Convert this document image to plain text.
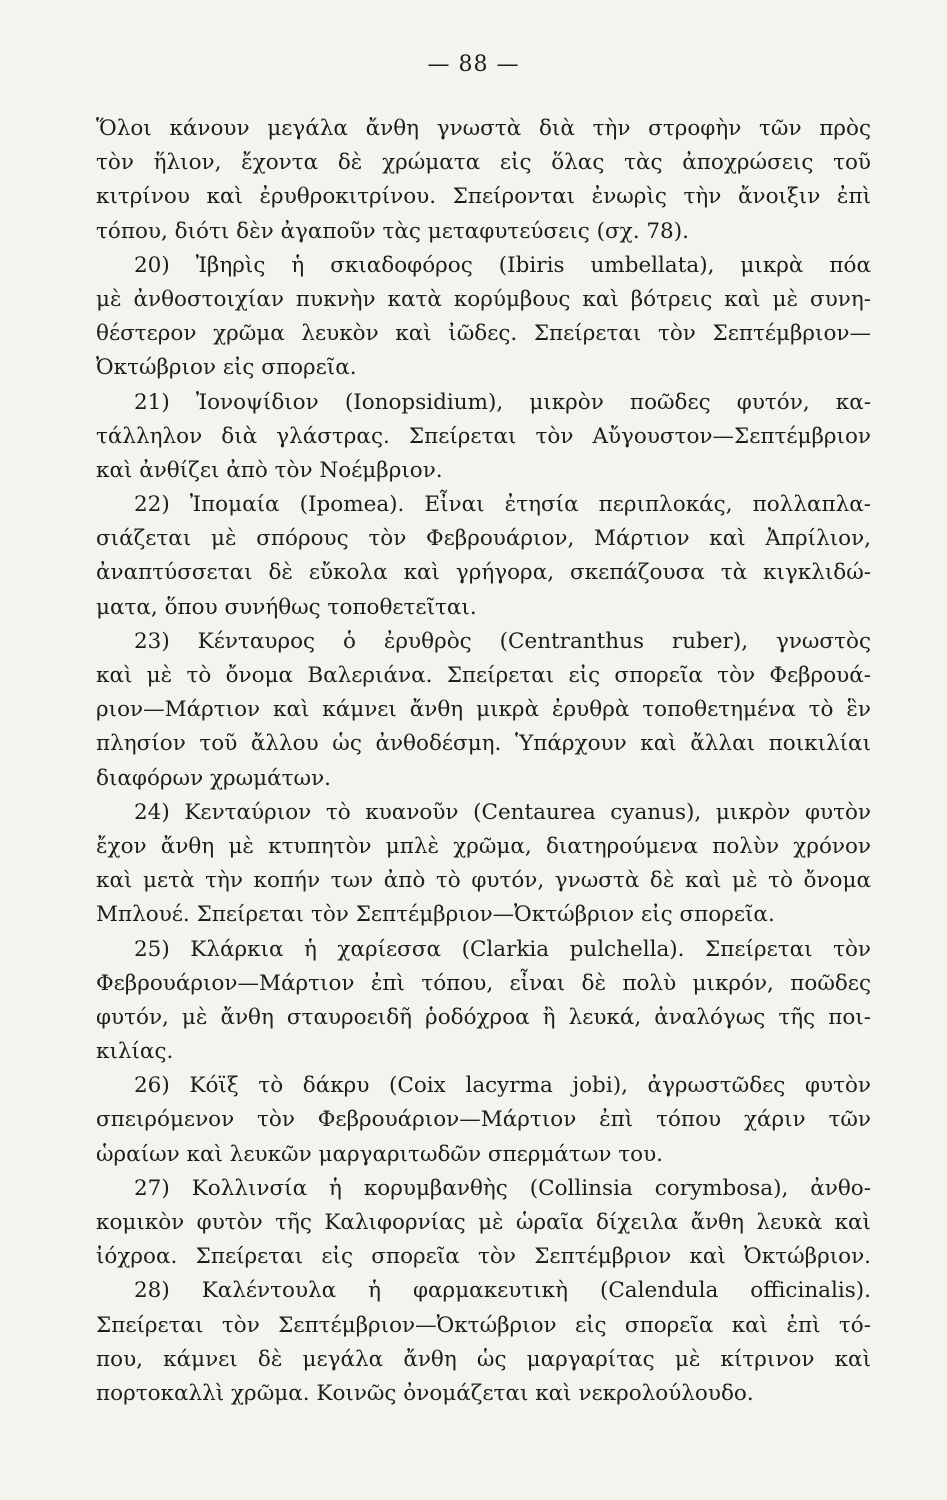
— 88 —
Ὅλοι κάνουν μεγάλα ἄνθη γνωστὰ διὰ τὴν στροφὴν τῶν πρὸς
τὸν ἥλιον, ἔχοντα δὲ χρώματα εἰς ὅλας τὰς ἀποχρώσεις τοῦ
κιτρίνου καὶ ἐρυθροκιτρίνου. Σπείρονται ἐνωρὶς τὴν ἄνοιξιν ἐπὶ
τόπου, διότι δὲν ἀγαποῦν τὰς μεταφυτεύσεις (σχ. 78).
20) Ἰβηρὶς ἡ σκιαδοφόρος (Ibiris umbellata), μικρὰ πόα
μὲ ἀνθοστοιχίαν πυκνὴν κατὰ κορύμβους καὶ βότρεις καὶ μὲ συνη-
θέστερον χρῶμα λευκὸν καὶ ἰῶδες. Σπείρεται τὸν Σεπτέμβριον—
Ὀκτώβριον εἰς σπορεῖα.
21) Ἰονοψίδιον (Ionopsidium), μικρὸν ποῶδες φυτόν, κα-
τάλληλον διὰ γλάστρας. Σπείρεται τὸν Αὔγουστον—Σεπτέμβριον
καὶ ἀνθίζει ἀπὸ τὸν Νοέμβριον.
22) Ἰπομαία (Ipomea). Εἶναι ἐτησία περιπλοκάς, πολλαπλα-
σιάζεται μὲ σπόρους τὸν Φεβρουάριον, Μάρτιον καὶ Ἀπρίλιον,
ἀναπτύσσεται δὲ εὔκολα καὶ γρήγορα, σκεπάζουσα τὰ κιγκλιδώ-
ματα, ὅπου συνήθως τοποθετεῖται.
23) Κένταυρος ὁ ἐρυθρὸς (Centranthus ruber), γνωστὸς
καὶ μὲ τὸ ὄνομα Βαλεριάνα. Σπείρεται εἰς σπορεῖα τὸν Φεβρουά-
ριον—Μάρτιον καὶ κάμνει ἄνθη μικρὰ ἐρυθρὰ τοποθετημένα τὸ ἓν
πλησίον τοῦ ἄλλου ὡς ἀνθοδέσμη. Ὑπάρχουν καὶ ἄλλαι ποικιλίαι
διαφόρων χρωμάτων.
24) Κενταύριον τὸ κυανοῦν (Centaurea cyanus), μικρὸν φυτὸν
ἔχον ἄνθη μὲ κτυπητὸν μπλὲ χρῶμα, διατηρούμενα πολὺν χρόνον
καὶ μετὰ τὴν κοπήν των ἀπὸ τὸ φυτόν, γνωστὰ δὲ καὶ μὲ τὸ ὄνομα
Μπλουέ. Σπείρεται τὸν Σεπτέμβριον—Ὀκτώβριον εἰς σπορεῖα.
25) Κλάρκια ἡ χαρίεσσα (Clarkia pulchella). Σπείρεται τὸν
Φεβρουάριον—Μάρτιον ἐπὶ τόπου, εἶναι δὲ πολὺ μικρόν, ποῶδες
φυτόν, μὲ ἄνθη σταυροειδῆ ῥοδόχροα ἢ λευκά, ἀναλόγως τῆς ποι-
κιλίας.
26) Κόϊξ τὸ δάκρυ (Coix lacyrma jobi), ἀγρωστῶδες φυτὸν
σπειρόμενον τὸν Φεβρουάριον—Μάρτιον ἐπὶ τόπου χάριν τῶν
ὡραίων καὶ λευκῶν μαργαριτωδῶν σπερμάτων του.
27) Κολλινσία ἡ κορυμβανθὴς (Collinsia corymbosa), ἀνθο-
κομικὸν φυτὸν τῆς Καλιφορνίας μὲ ὡραῖα δίχειλα ἄνθη λευκὰ καὶ
ἰόχροα. Σπείρεται εἰς σπορεῖα τὸν Σεπτέμβριον καὶ Ὀκτώβριον.
28) Καλέντουλα ἡ φαρμακευτικὴ (Calendula officinalis).
Σπείρεται τὸν Σεπτέμβριον—Ὀκτώβριον εἰς σπορεῖα καὶ ἐπὶ τό-
που, κάμνει δὲ μεγάλα ἄνθη ὡς μαργαρίτας μὲ κίτρινον καὶ
πορτοκαλλὶ χρῶμα. Κοινῶς ὀνομάζεται καὶ νεκρολούλουδο.
